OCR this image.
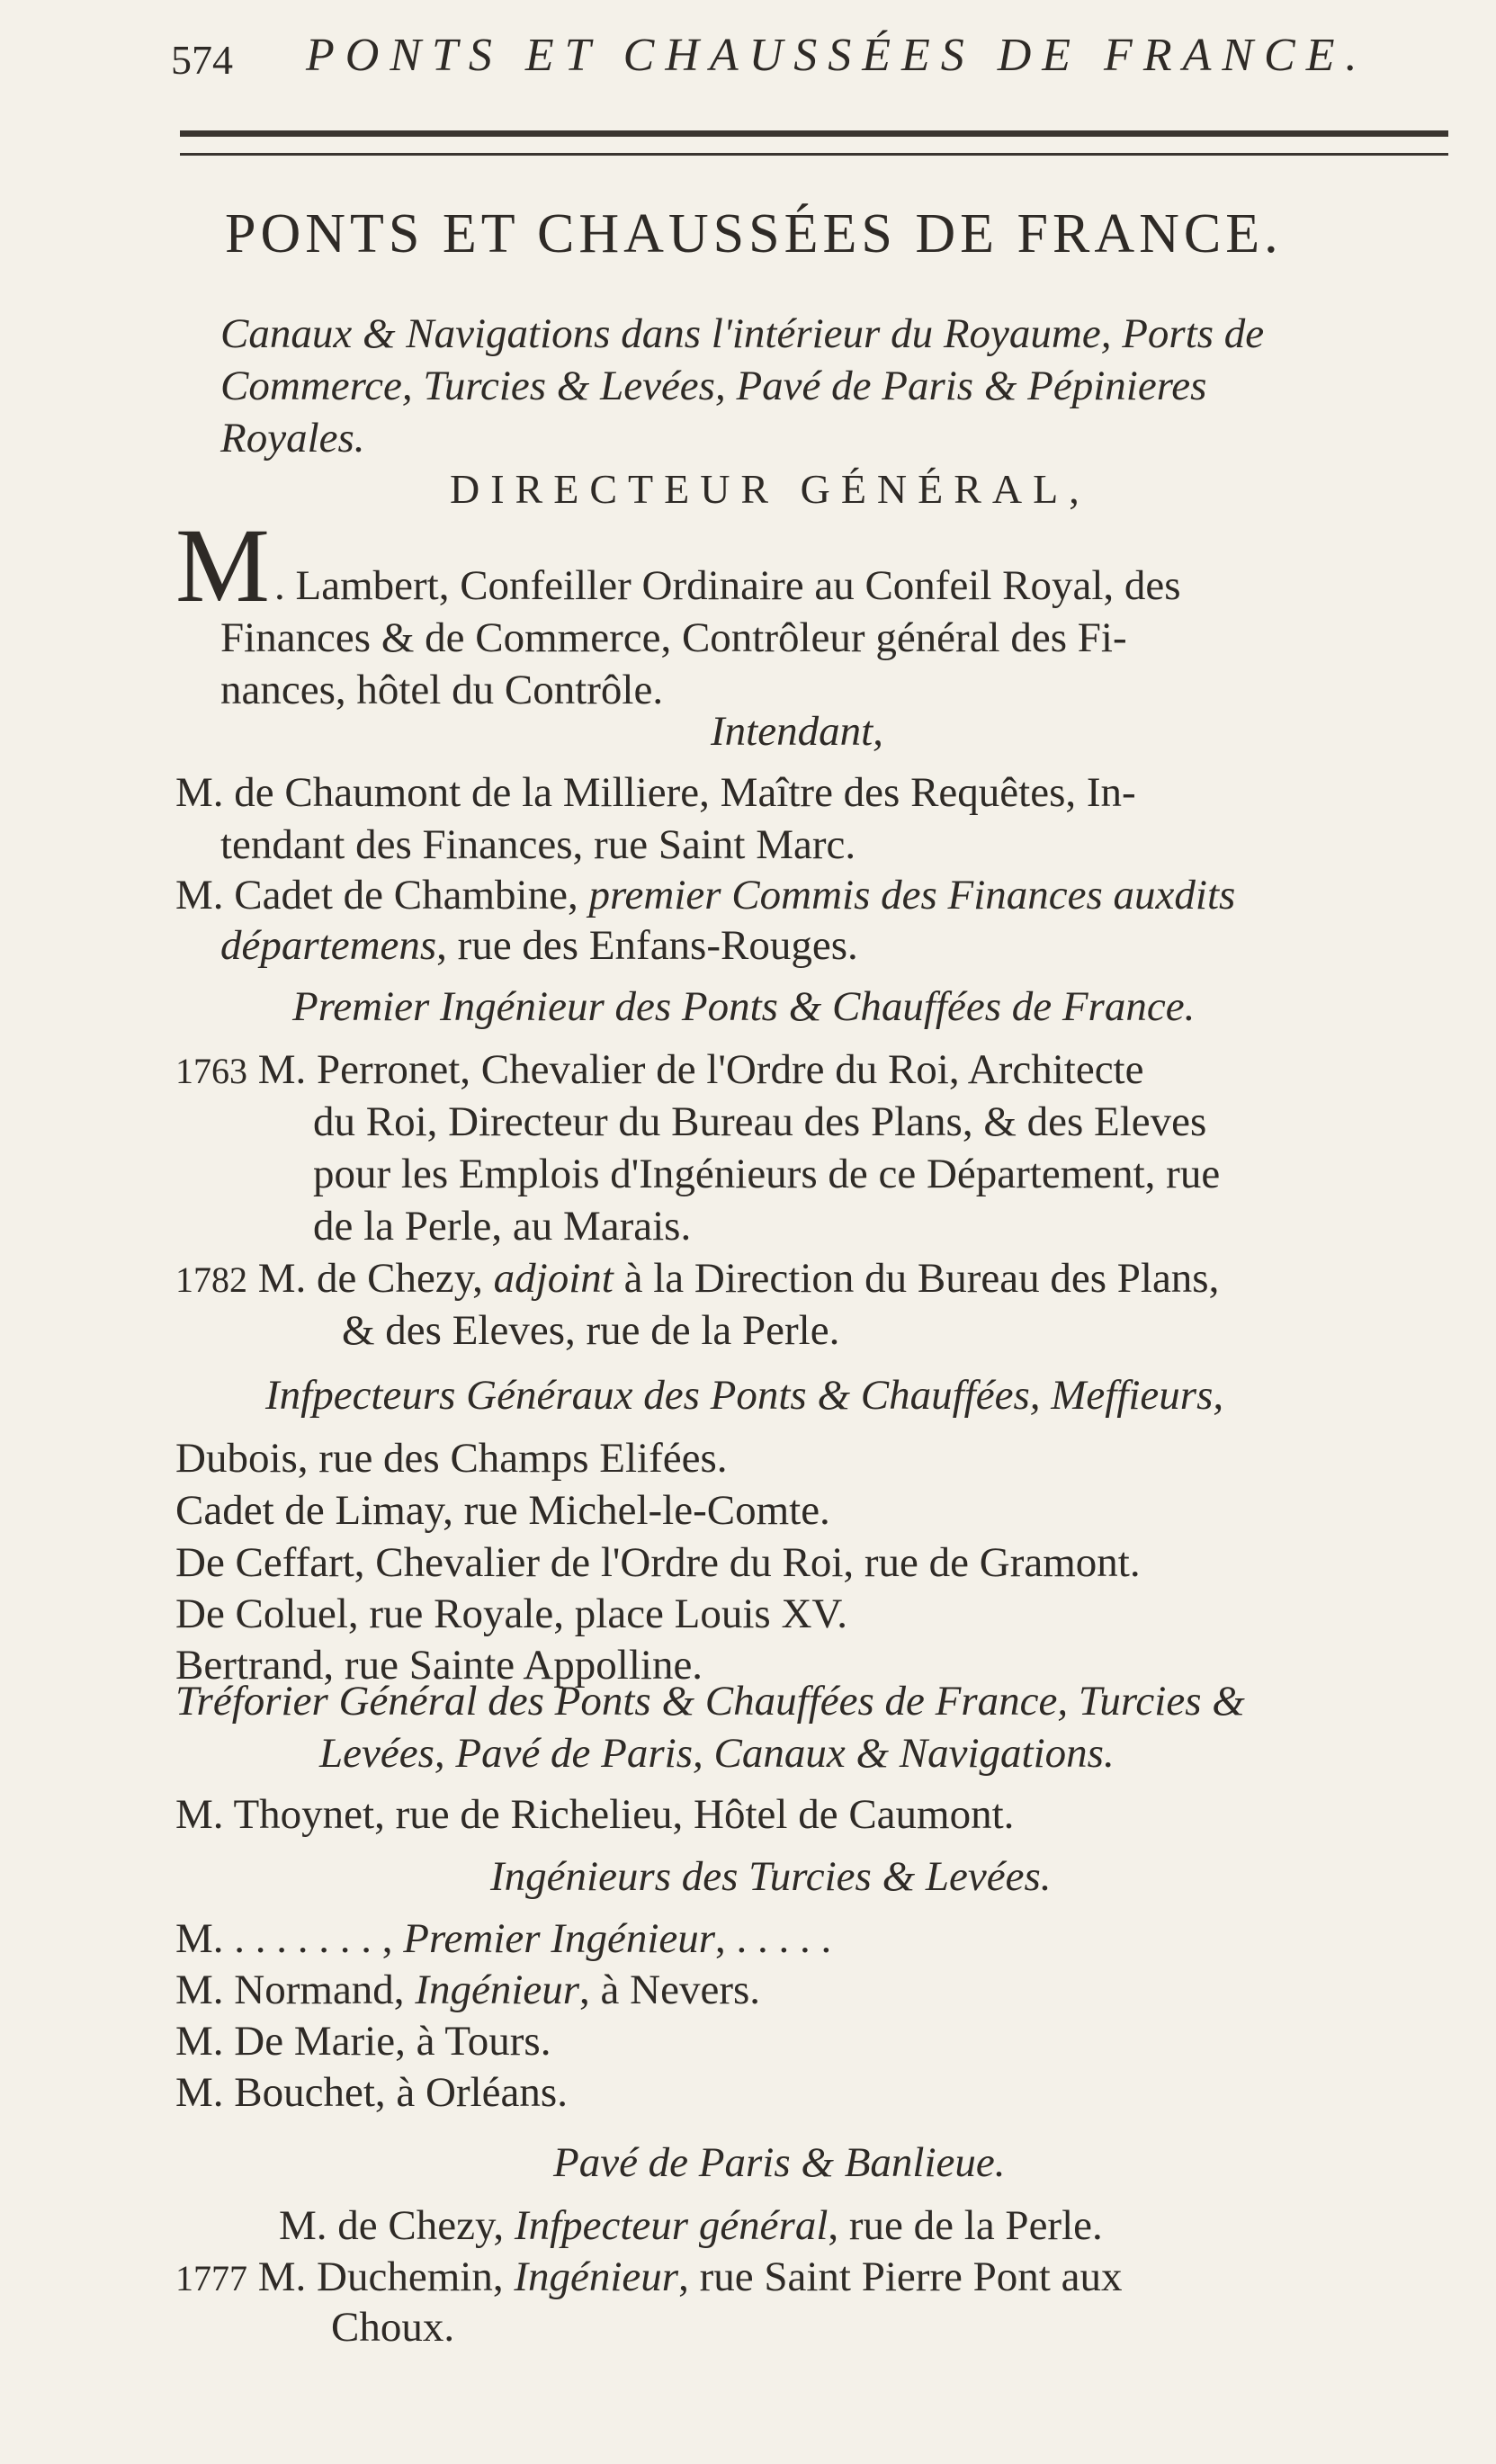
574 PONTS ET CHAUSSÉES DE FRANCE.
PONTS ET CHAUSSÉES DE FRANCE.
Canaux & Navigations dans l'intérieur du Royaume, Ports de
Commerce, Turcies & Levées, Pavé de Paris & Pépinieres
Royales.
DIRECTEUR GÉNÉRAL,
M . Lambert, Confeiller Ordinaire au Confeil Royal, des
Finances & de Commerce, Contrôleur général des Fi-
nances, hôtel du Contrôle.
Intendant,
M. de Chaumont de la Milliere, Maître des Requêtes, In-
tendant des Finances, rue Saint Marc.
M. Cadet de Chambine, premier Commis des Finances auxdits
départemens, rue des Enfans-Rouges.
Premier Ingénieur des Ponts & Chauffées de France.
1763 M. Perronet, Chevalier de l'Ordre du Roi, Architecte
du Roi, Directeur du Bureau des Plans, & des Eleves
pour les Emplois d'Ingénieurs de ce Département, rue
de la Perle, au Marais.
1782 M. de Chezy, adjoint à la Direction du Bureau des Plans,
& des Eleves, rue de la Perle.
Infpecteurs Généraux des Ponts & Chauffées, Meffieurs,
Dubois, rue des Champs Elifées.
Cadet de Limay, rue Michel-le-Comte.
De Ceffart, Chevalier de l'Ordre du Roi, rue de Gramont.
De Coluel, rue Royale, place Louis XV.
Bertrand, rue Sainte Appolline.
Tréforier Général des Ponts & Chauffées de France, Turcies &
Levées, Pavé de Paris, Canaux & Navigations.
M. Thoynet, rue de Richelieu, Hôtel de Caumont.
Ingénieurs des Turcies & Levées.
M. . . . . . . . , Premier Ingénieur, . . . . .
M. Normand, Ingénieur, à Nevers.
M. De Marie, à Tours.
M. Bouchet, à Orléans.
Pavé de Paris & Banlieue.
M. de Chezy, Infpecteur général, rue de la Perle.
1777 M. Duchemin, Ingénieur, rue Saint Pierre Pont aux
Choux.
